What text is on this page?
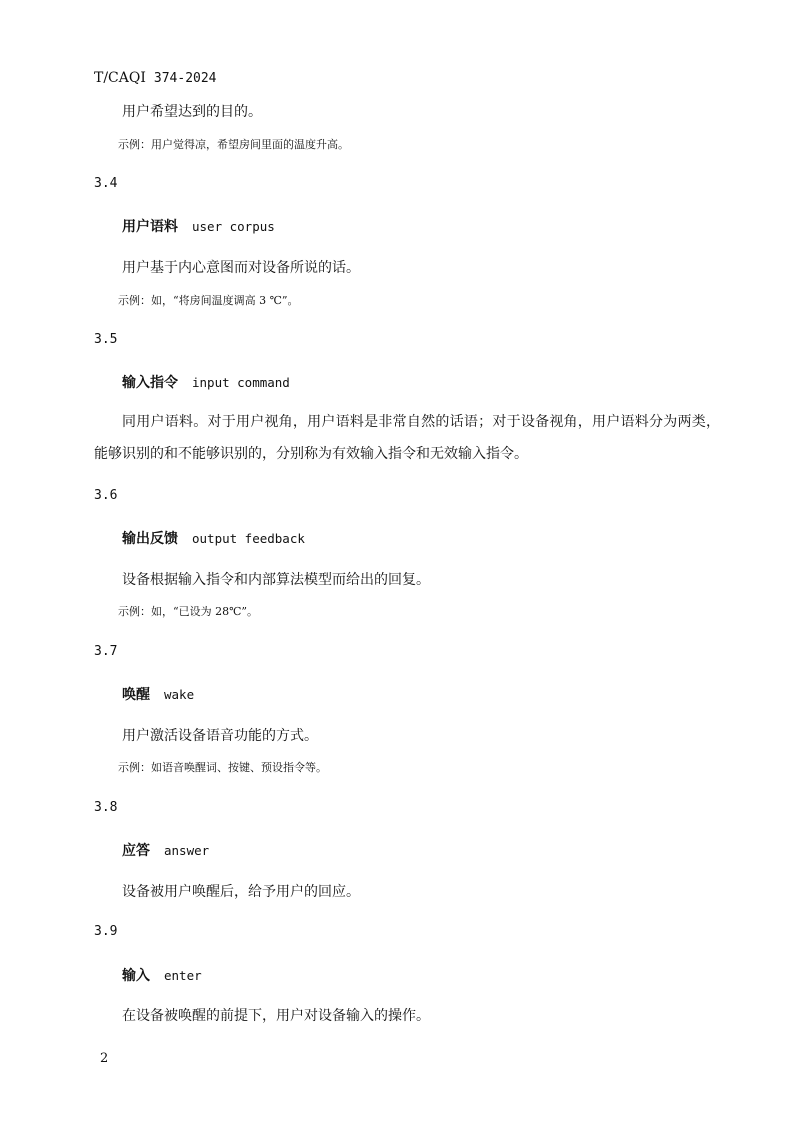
T/CAQI 374-2024
用户希望达到的目的。
示例：用户觉得凉，希望房间里面的温度升高。
3.4
用户语料 user corpus
用户基于内心意图而对设备所说的话。
示例：如，“将房间温度调高 3 ℃”。
3.5
输入指令 input command
同用户语料。对于用户视角，用户语料是非常自然的话语；对于设备视角，用户语料分为两类，能够识别的和不能够识别的，分别称为有效输入指令和无效输入指令。
3.6
输出反馈 output feedback
设备根据输入指令和内部算法模型而给出的回复。
示例：如，“已设为 28℃”。
3.7
唤醒 wake
用户激活设备语音功能的方式。
示例：如语音唤醒词、按键、预设指令等。
3.8
应答 answer
设备被用户唤醒后，给予用户的回应。
3.9
输入 enter
在设备被唤醒的前提下，用户对设备输入的操作。
2
